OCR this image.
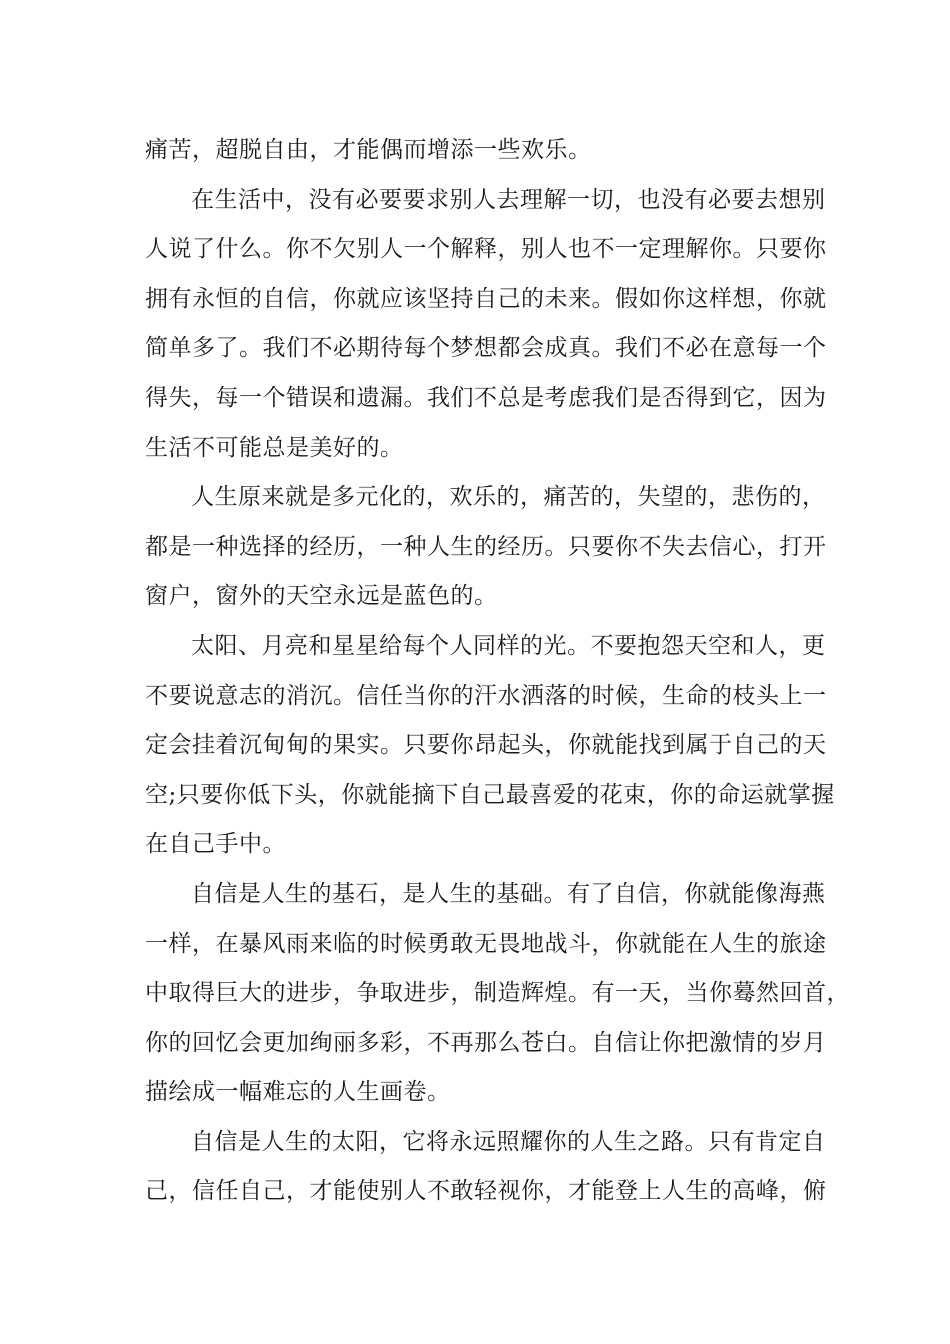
痛苦，超脱自由，才能偶而增添一些欢乐。

在生活中，没有必要要求别人去理解一切，也没有必要去想别
人说了什么。你不欠别人一个解释，别人也不一定理解你。只要你
拥有永恒的自信，你就应该坚持自己的未来。假如你这样想，你就
简单多了。我们不必期待每个梦想都会成真。我们不必在意每一个
得失，每一个错误和遗漏。我们不总是考虑我们是否得到它，因为
生活不可能总是美好的。

人生原来就是多元化的，欢乐的，痛苦的，失望的，悲伤的，
都是一种选择的经历，一种人生的经历。只要你不失去信心，打开
窗户，窗外的天空永远是蓝色的。

太阳、月亮和星星给每个人同样的光。不要抱怨天空和人，更
不要说意志的消沉。信任当你的汗水洒落的时候，生命的枝头上一
定会挂着沉甸甸的果实。只要你昂起头，你就能找到属于自己的天
空;只要你低下头，你就能摘下自己最喜爱的花束，你的命运就掌握
在自己手中。

自信是人生的基石，是人生的基础。有了自信，你就能像海燕
一样，在暴风雨来临的时候勇敢无畏地战斗，你就能在人生的旅途
中取得巨大的进步，争取进步，制造辉煌。有一天，当你蓦然回首，
你的回忆会更加绚丽多彩，不再那么苍白。自信让你把激情的岁月
描绘成一幅难忘的人生画卷。

自信是人生的太阳，它将永远照耀你的人生之路。只有肯定自
己，信任自己，才能使别人不敢轻视你，才能登上人生的高峰，俯
